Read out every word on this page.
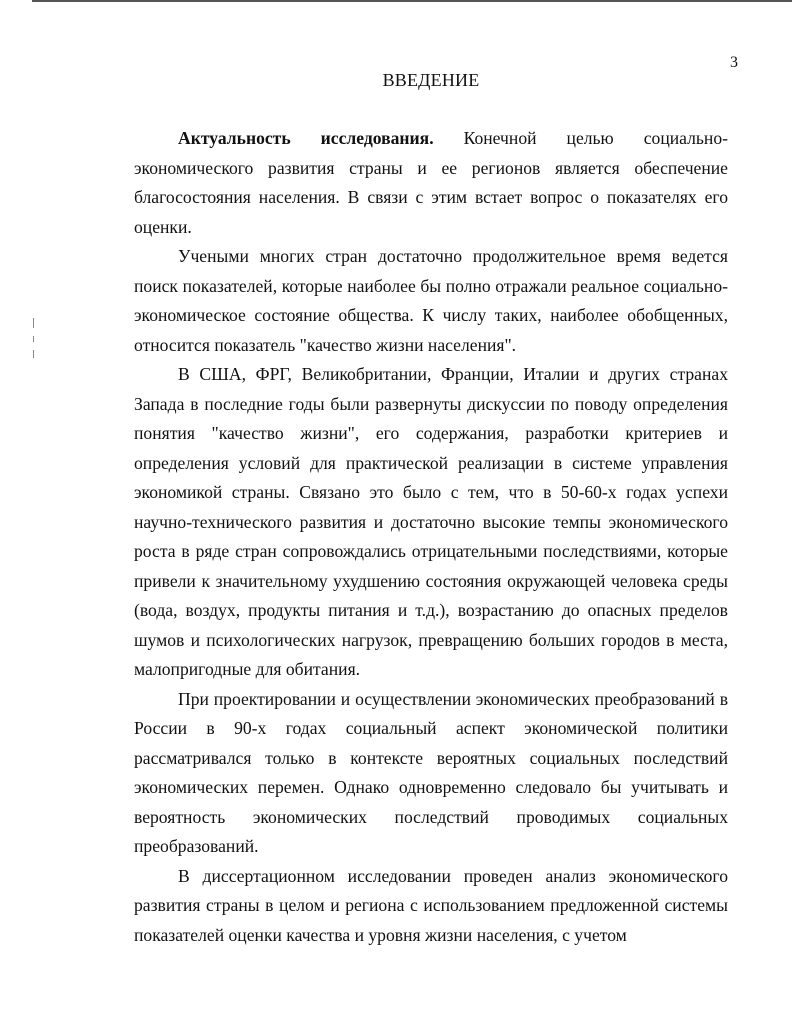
3
ВВЕДЕНИЕ

Актуальность исследования. Конечной целью социально-экономического развития страны и ее регионов является обеспечение благосостояния населения. В связи с этим встает вопрос о показателях его оценки.

Учеными многих стран достаточно продолжительное время ведется поиск показателей, которые наиболее бы полно отражали реальное социально-экономическое состояние общества. К числу таких, наиболее обобщенных, относится показатель "качество жизни населения".

В США, ФРГ, Великобритании, Франции, Италии и других странах Запада в последние годы были развернуты дискуссии по поводу определения понятия "качество жизни", его содержания, разработки критериев и определения условий для практической реализации в системе управления экономикой страны. Связано это было с тем, что в 50-60-х годах успехи научно-технического развития и достаточно высокие темпы экономического роста в ряде стран сопровождались отрицательными последствиями, которые привели к значительному ухудшению состояния окружающей человека среды (вода, воздух, продукты питания и т.д.), возрастанию до опасных пределов шумов и психологических нагрузок, превращению больших городов в места, малопригодные для обитания.

При проектировании и осуществлении экономических преобразований в России в 90-х годах социальный аспект экономической политики рассматривался только в контексте вероятных социальных последствий экономических перемен. Однако одновременно следовало бы учитывать и вероятность экономических последствий проводимых социальных преобразований.

В диссертационном исследовании проведен анализ экономического развития страны в целом и региона с использованием предложенной системы показателей оценки качества и уровня жизни населения, с учетом
